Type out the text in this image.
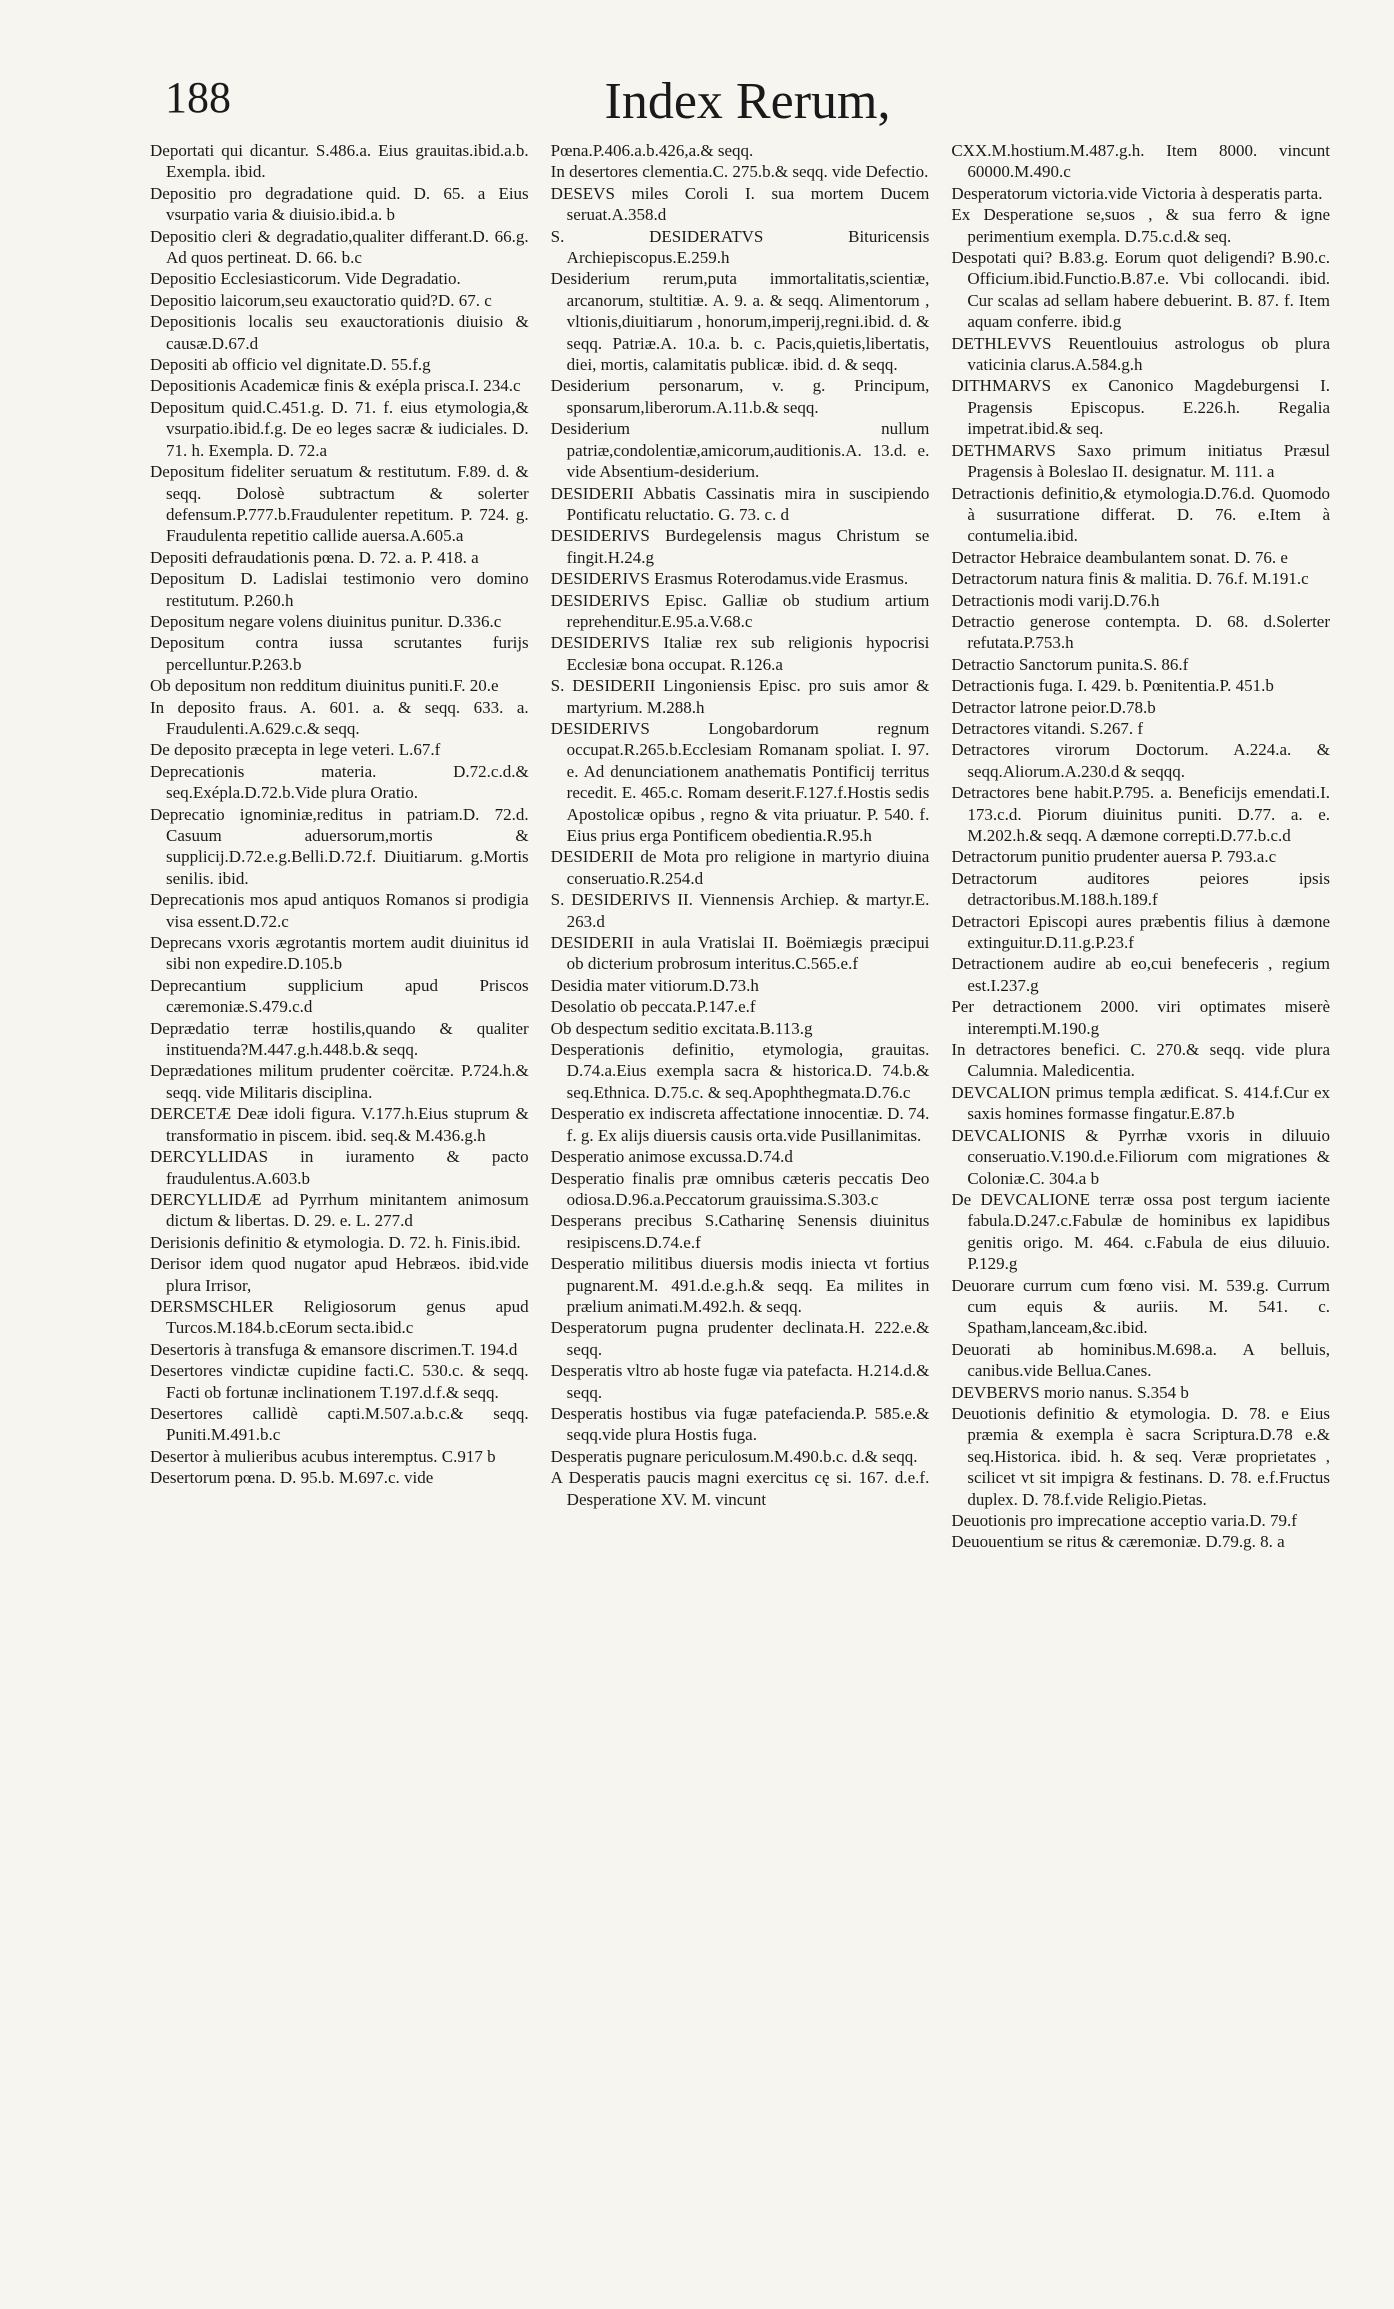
188	Index Rerum,
Deportati qui dicantur. S.486.a. Eius grauitas.ibid.a.b. Exempla. ibid.
Depositio pro degradatione quid. D. 65. a Eius vsurpatio varia & diuisio.ibid.a. b
Depositio cleri & degradatio,qualiter differant.D. 66.g. Ad quos pertineat. D. 66. b.c
Depositio Ecclesiasticorum. Vide Degradatio.
Depositio laicorum,seu exauctoratio quid?D. 67. c
Depositionis localis seu exauctorationis diuisio & causæ.D.67.d
Depositi ab officio vel dignitate.D. 55.f.g
Depositionis Academicæ finis & exépla prisca.I. 234.c
Depositum quid.C.451.g. D. 71. f. eius etymologia,& vsurpatio.ibid.f.g. De eo leges sacræ & iudiciales. D. 71. h. Exempla. D. 72.a
Depositum fideliter seruatum & restitutum. F.89. d. & seqq. Dolosè subtractum & solerter defensum.P.777.b.Fraudulenter repetitum. P. 724. g. Fraudulenta repetitio callide auersa.A.605.a
Depositi defraudationis pœna. D. 72. a. P. 418. a
Depositum D. Ladislai testimonio vero domino restitutum. P.260.h
Depositum negare volens diuinitus punitur. D.336.c
Depositum contra iussa scrutantes furijs percelluntur.P.263.b
Ob depositum non redditum diuinitus puniti.F. 20.e
In deposito fraus. A. 601. a. & seqq. 633. a. Fraudulenti.A.629.c.& seqq.
De deposito præcepta in lege veteri. L.67.f
Deprecationis materia. D.72.c.d.& seq.Exépla.D.72.b.Vide plura Oratio.
Deprecatio ignominiæ,reditus in patriam.D. 72.d. Casuum aduersorum,mortis & supplicij.D.72.e.g.Belli.D.72.f. Diuitiarum. g.Mortis senilis. ibid.
Deprecationis mos apud antiquos Romanos si prodigia visa essent.D.72.c
Deprecans vxoris ægrotantis mortem audit diuinitus id sibi non expedire.D.105.b
Deprecantium supplicium apud Priscos cæremoniæ.S.479.c.d
Deprædatio terræ hostilis,quando & qualiter instituenda?M.447.g.h.448.b.& seqq.
Deprædationes militum prudenter coërcitæ. P.724.h.& seqq. vide Militaris disciplina.
DERCETÆ Deæ idoli figura. V.177.h.Eius stuprum & transformatio in piscem. ibid. seq.& M.436.g.h
DERCYLLIDAS in iuramento & pacto fraudulentus.A.603.b
DERCYLLIDÆ ad Pyrrhum minitantem animosum dictum & libertas. D. 29. e. L. 277.d
Derisionis definitio & etymologia. D. 72. h. Finis.ibid.
Derisor idem quod nugator apud Hebræos. ibid.vide plura Irrisor,
DERSMSCHLER Religiosorum genus apud Turcos.M.184.b.cEorum secta.ibid.c
Desertoris à transfuga & emansore discrimen.T. 194.d
Desertores vindictæ cupidine facti.C. 530.c. & seqq. Facti ob fortunæ inclinationem T.197.d.f.& seqq.
Desertores callidè capti.M.507.a.b.c.& seqq. Puniti.M.491.b.c
Desertor à mulieribus acubus interemptus. C.917 b
Desertorum pœna. D. 95.b. M.697.c. vide
Pœna.P.406.a.b.426,a.& seqq.
In desertores clementia.C. 275.b.& seqq. vide Defectio.
DESEVS miles Coroli I. sua mortem Ducem seruat.A.358.d
S. DESIDERATVS Bituricensis Archiepiscopus.E.259.h
Desiderium rerum,puta immortalitatis,scientiæ, arcanorum, stultitiæ. A. 9. a. & seqq. Alimentorum , vltionis,diuitiarum , honorum,imperij,regni.ibid. d. & seqq. Patriæ.A. 10.a. b. c. Pacis,quietis,libertatis, diei, mortis, calamitatis publicæ. ibid. d. & seqq.
Desiderium personarum, v. g. Principum, sponsarum,liberorum.A.11.b.& seqq.
Desiderium nullum patriæ,condolentiæ,amicorum,auditionis.A. 13.d. e. vide Absentium-desiderium.
DESIDERII Abbatis Cassinatis mira in suscipiendo Pontificatu reluctatio. G. 73. c. d
DESIDERIVS Burdegelensis magus Christum se fingit.H.24.g
DESIDERIVS Erasmus Roterodamus.vide Erasmus.
DESIDERIVS Episc. Galliæ ob studium artium reprehenditur.E.95.a.V.68.c
DESIDERIVS Italiæ rex sub religionis hypocrisi Ecclesiæ bona occupat. R.126.a
S. DESIDERII Lingoniensis Episc. pro suis amor & martyrium. M.288.h
DESIDERIVS Longobardorum regnum occupat.R.265.b.Ecclesiam Romanam spoliat. I. 97. e. Ad denunciationem anathematis Pontificij territus recedit. E. 465.c. Romam deserit.F.127.f.Hostis sedis Apostolicæ opibus , regno & vita priuatur. P. 540. f. Eius prius erga Pontificem obedientia.R.95.h
DESIDERII de Mota pro religione in martyrio diuina conseruatio.R.254.d
S. DESIDERIVS II. Viennensis Archiep. & martyr.E. 263.d
DESIDERII in aula Vratislai II. Boëmiægis præcipui ob dicterium probrosum interitus.C.565.e.f
Desidia mater vitiorum.D.73.h
Desolatio ob peccata.P.147.e.f
Ob despectum seditio excitata.B.113.g
Desperationis definitio, etymologia, grauitas. D.74.a.Eius exempla sacra & historica.D. 74.b.& seq.Ethnica. D.75.c. & seq.Apophthegmata.D.76.c
Desperatio ex indiscreta affectatione innocentiæ. D. 74. f. g. Ex alijs diuersis causis orta.vide Pusillanimitas.
Desperatio animose excussa.D.74.d
Desperatio finalis præ omnibus cæteris peccatis Deo odiosa.D.96.a.Peccatorum grauissima.S.303.c
Desperans precibus S.Catharinę Senensis diuinitus resipiscens.D.74.e.f
Desperatio militibus diuersis modis iniecta vt fortius pugnarent.M. 491.d.e.g.h.& seqq. Ea milites in prælium animati.M.492.h. & seqq.
Desperatorum pugna prudenter declinata.H. 222.e.& seqq.
Desperatis vltro ab hoste fugæ via patefacta. H.214.d.& seqq.
Desperatis hostibus via fugæ patefacienda.P. 585.e.& seqq.vide plura Hostis fuga.
Desperatis pugnare periculosum.M.490.b.c. d.& seqq.
A Desperatis paucis magni exercitus cę si. 167. d.e.f. Desperatione XV. M. vincunt
CXX.M.hostium.M.487.g.h. Item 8000. vincunt 60000.M.490.c
Desperatorum victoria.vide Victoria à desperatis parta.
Ex Desperatione se,suos , & sua ferro & igne perimentium exempla. D.75.c.d.& seq.
Despotati qui? B.83.g. Eorum quot deligendi? B.90.c. Officium.ibid.Functio.B.87.e. Vbi collocandi. ibid. Cur scalas ad sellam habere debuerint. B. 87. f. Item aquam conferre. ibid.g
DETHLEVVS Reuentlouius astrologus ob plura vaticinia clarus.A.584.g.h
DITHMARVS ex Canonico Magdeburgensi I. Pragensis Episcopus. E.226.h. Regalia impetrat.ibid.& seq.
DETHMARVS Saxo primum initiatus Præsul Pragensis à Boleslao II. designatur. M. 111. a
Detractionis definitio,& etymologia.D.76.d. Quomodo à susurratione differat. D. 76. e.Item à contumelia.ibid.
Detractor Hebraice deambulantem sonat. D. 76. e
Detractorum natura finis & malitia. D. 76.f. M.191.c
Detractionis modi varij.D.76.h
Detractio generose contempta. D. 68. d.Solerter refutata.P.753.h
Detractio Sanctorum punita.S. 86.f
Detractionis fuga. I. 429. b. Pœnitentia.P. 451.b
Detractor latrone peior.D.78.b
Detractores vitandi. S.267. f
Detractores virorum Doctorum. A.224.a. & seqq.Aliorum.A.230.d & seqqq.
Detractores bene habit.P.795. a. Beneficijs emendati.I. 173.c.d. Piorum diuinitus puniti. D.77. a. e. M.202.h.& seqq. A dæmone correpti.D.77.b.c.d
Detractorum punitio prudenter auersa P. 793.a.c
Detractorum auditores peiores ipsis detractoribus.M.188.h.189.f
Detractori Episcopi aures præbentis filius à dæmone extinguitur.D.11.g.P.23.f
Detractionem audire ab eo,cui benefeceris , regium est.I.237.g
Per detractionem 2000. viri optimates miserè interempti.M.190.g
In detractores benefici. C. 270.& seqq. vide plura Calumnia. Maledicentia.
DEVCALION primus templa ædificat. S. 414.f.Cur ex saxis homines formasse fingatur.E.87.b
DEVCALIONIS & Pyrrhæ vxoris in diluuio conseruatio.V.190.d.e.Filiorum com migrationes & Coloniæ.C. 304.a b
De DEVCALIONE terræ ossa post tergum iaciente fabula.D.247.c.Fabulæ de hominibus ex lapidibus genitis origo. M. 464. c.Fabula de eius diluuio. P.129.g
Deuorare currum cum fœno visi. M. 539.g. Currum cum equis & auriis. M. 541. c. Spatham,lanceam,&c.ibid.
Deuorati ab hominibus.M.698.a. A belluis, canibus.vide Bellua.Canes.
DEVBERVS morio nanus. S.354 b
Deuotionis definitio & etymologia. D. 78. e Eius præmia & exempla è sacra Scriptura.D.78 e.& seq.Historica. ibid. h. & seq. Veræ proprietates , scilicet vt sit impigra & festinans. D. 78. e.f.Fructus duplex. D. 78.f.vide Religio.Pietas.
Deuotionis pro imprecatione acceptio varia.D. 79.f
Deuouentium se ritus & cæremoniæ. D.79.g. 8. a
